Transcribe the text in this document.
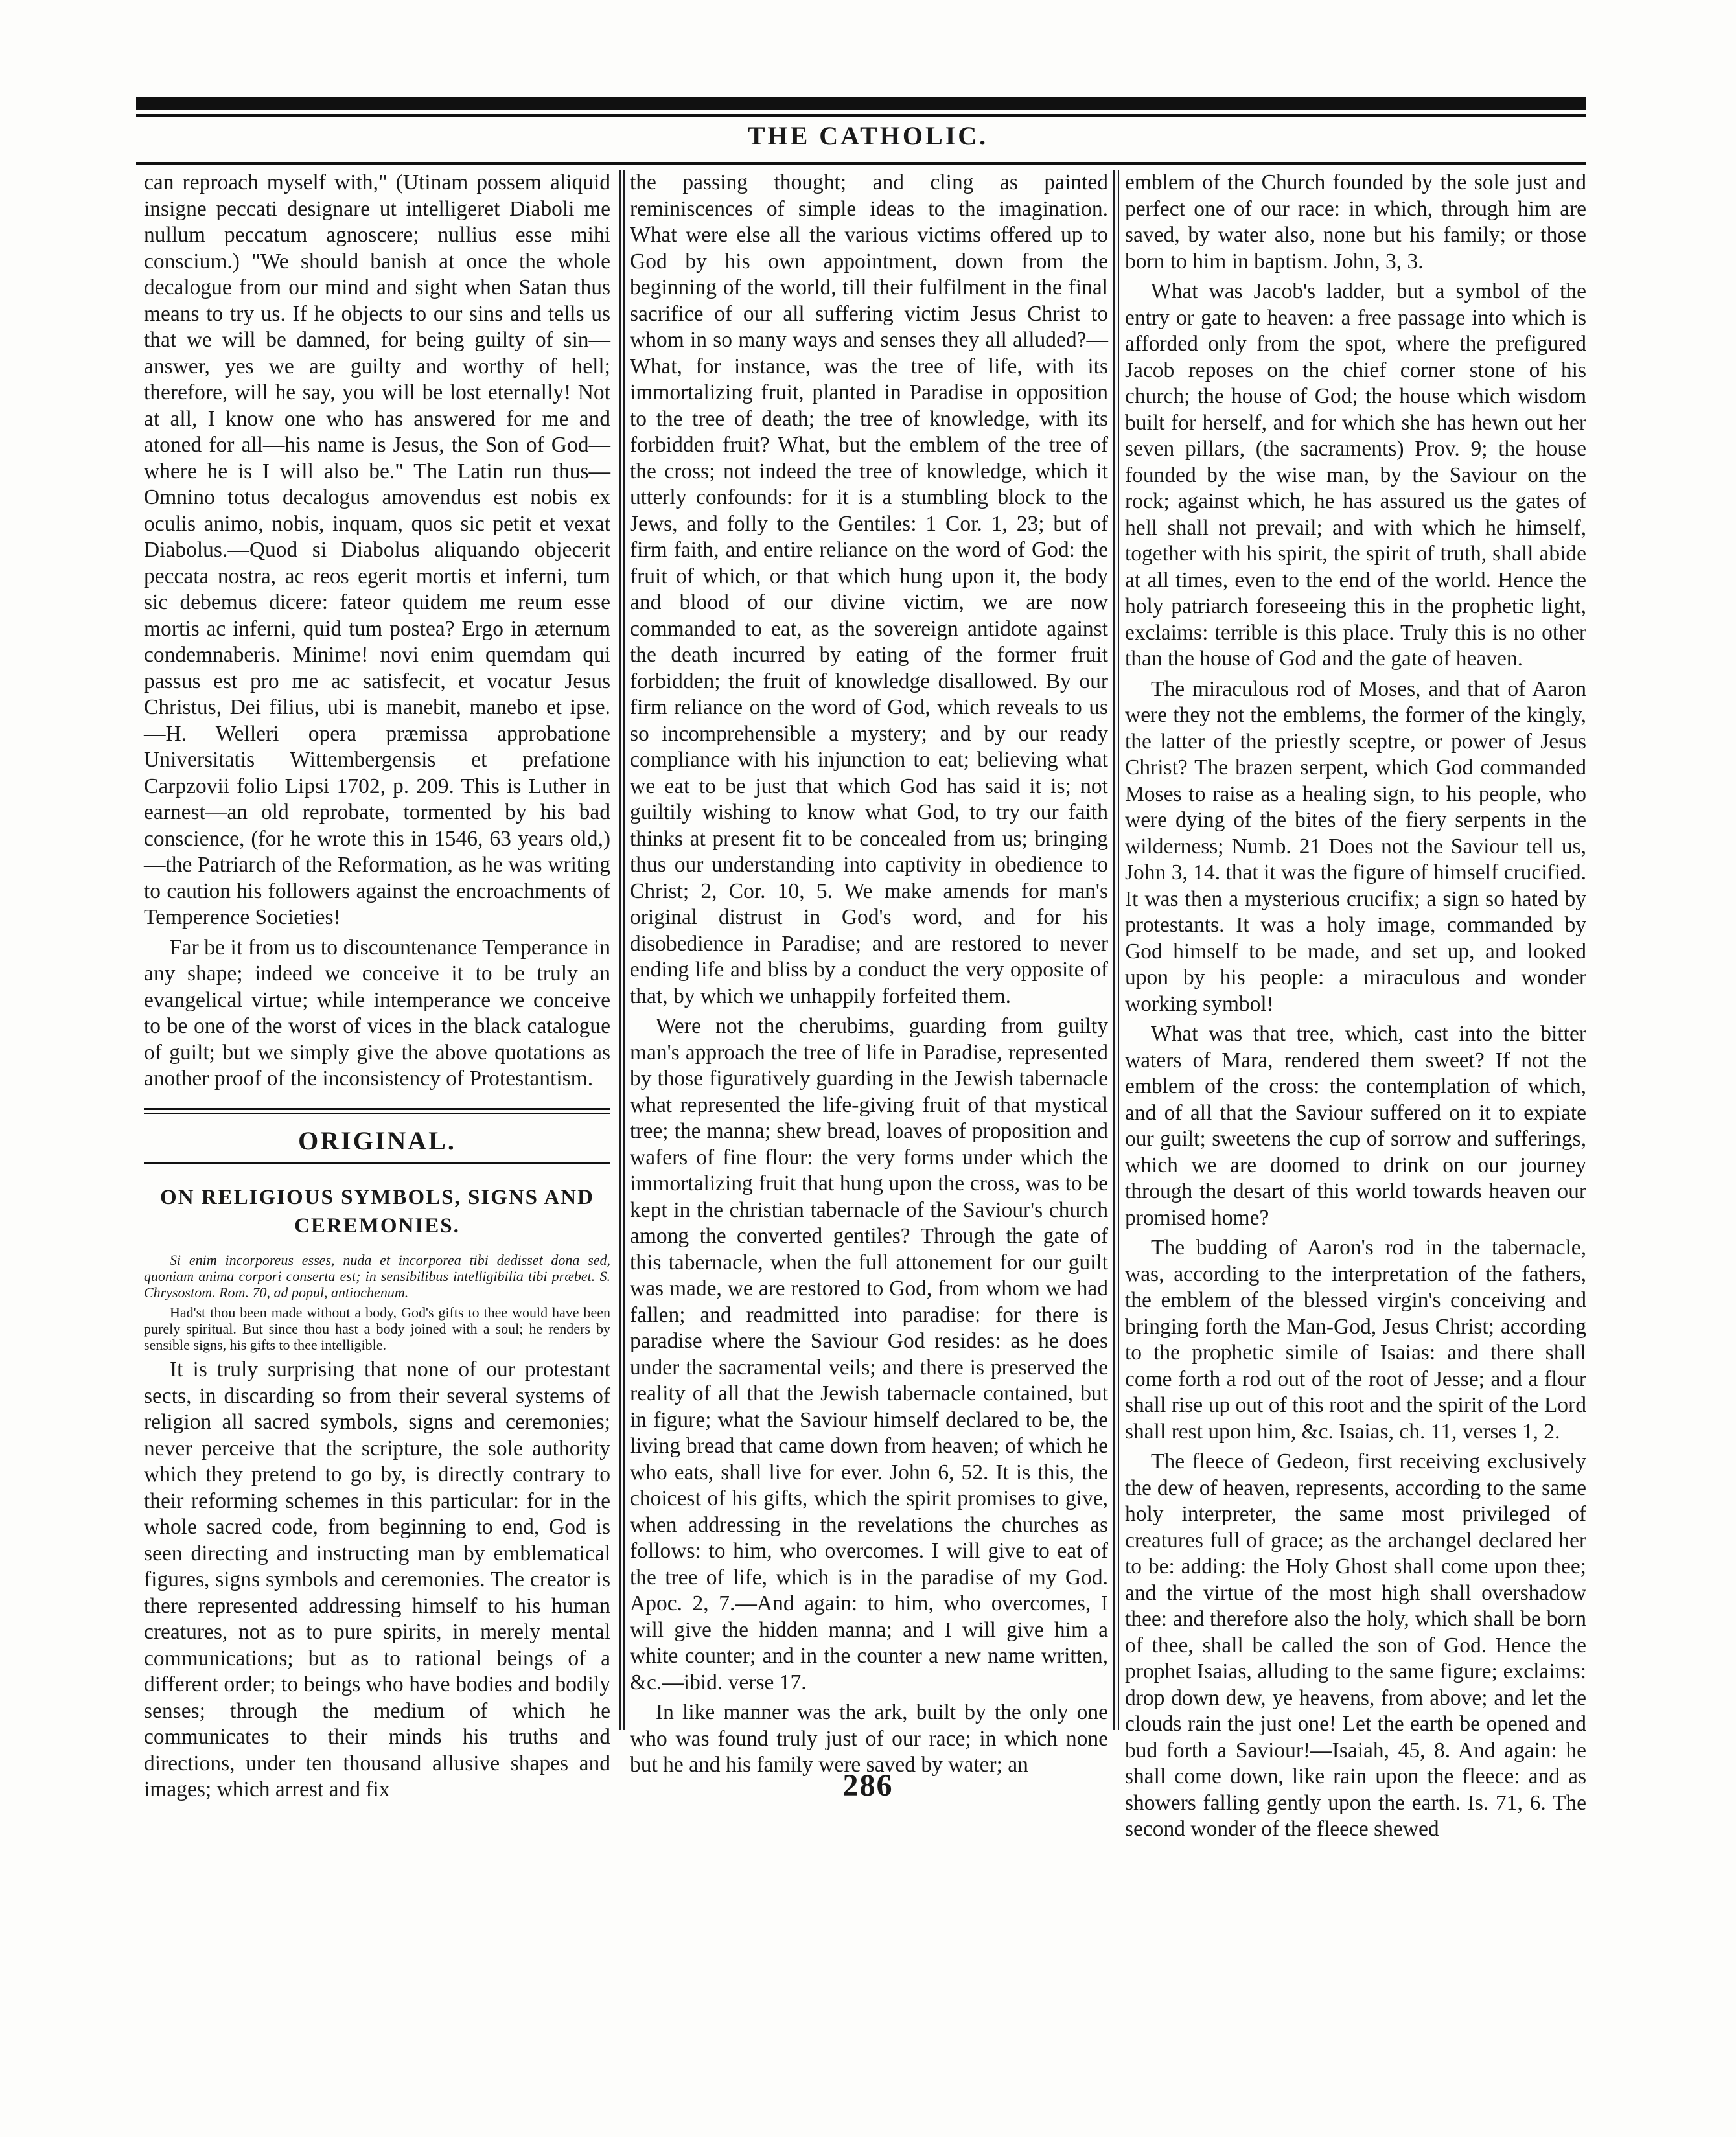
THE CATHOLIC.

can reproach myself with," (Utinam possem aliquid insigne peccati designare ut intelligeret Diaboli me nullum peccatum agnoscere; nullius esse mihi conscium.) "We should banish at once the whole decalogue from our mind and sight when Satan thus means to try us. If he objects to our sins and tells us that we will be damned, for being guilty of sin—answer, yes we are guilty and worthy of hell; therefore, will he say, you will be lost eternally! Not at all, I know one who has answered for me and atoned for all—his name is Jesus, the Son of God—where he is I will also be." The Latin run thus—Omnino totus decalogus amovendus est nobis ex oculis animo, nobis, inquam, quos sic petit et vexat Diabolus.—Quod si Diabolus aliquando objecerit peccata nostra, ac reos egerit mortis et inferni, tum sic debemus dicere: fateor quidem me reum esse mortis ac inferni, quid tum postea? Ergo in æternum condemnaberis. Minime! novi enim quemdam qui passus est pro me ac satisfecit, et vocatur Jesus Christus, Dei filius, ubi is manebit, manebo et ipse.—H. Welleri opera præmissa approbatione Universitatis Wittembergensis et prefatione Carpzovii folio Lipsi 1702, p. 209. This is Luther in earnest—an old reprobate, tormented by his bad conscience, (for he wrote this in 1546, 63 years old,)—the Patriarch of the Reformation, as he was writing to caution his followers against the encroachments of Temperence Societies!

Far be it from us to discountenance Temperance in any shape; indeed we conceive it to be truly an evangelical virtue; while intemperance we conceive to be one of the worst of vices in the black catalogue of guilt; but we simply give the above quotations as another proof of the inconsistency of Protestantism.

ORIGINAL.
ON RELIGIOUS SYMBOLS, SIGNS AND CEREMONIES.

Si enim incorporeus esses, nuda et incorporea tibi dedisset dona sed, quoniam anima corpori conserta est; in sensibilibus intelligibilia tibi præbet. S. Chrysostom. Rom. 70, ad popul, antiochenum.

Had'st thou been made without a body, God's gifts to thee would have been purely spiritual. But since thou hast a body joined with a soul; he renders by sensible signs, his gifts to thee intelligible.

It is truly surprising that none of our protestant sects, in discarding so from their several systems of religion all sacred symbols, signs and ceremonies; never perceive that the scripture, the sole authority which they pretend to go by, is directly contrary to their reforming schemes in this particular: for in the whole sacred code, from beginning to end, God is seen directing and instructing man by emblematical figures, signs symbols and ceremonies. The creator is there represented addressing himself to his human creatures, not as to pure spirits, in merely mental communications; but as to rational beings of a different order; to beings who have bodies and bodily senses; through the medium of which he communicates to their minds his truths and directions, under ten thousand allusive shapes and images; which arrest and fix

the passing thought; and cling as painted reminiscences of simple ideas to the imagination. What were else all the various victims offered up to God by his own appointment, down from the beginning of the world, till their fulfilment in the final sacrifice of our all suffering victim Jesus Christ to whom in so many ways and senses they all alluded?—What, for instance, was the tree of life, with its immortalizing fruit, planted in Paradise in opposition to the tree of death; the tree of knowledge, with its forbidden fruit? What, but the emblem of the tree of the cross; not indeed the tree of knowledge, which it utterly confounds: for it is a stumbling block to the Jews, and folly to the Gentiles: 1 Cor. 1, 23; but of firm faith, and entire reliance on the word of God: the fruit of which, or that which hung upon it, the body and blood of our divine victim, we are now commanded to eat, as the sovereign antidote against the death incurred by eating of the former fruit forbidden; the fruit of knowledge disallowed. By our firm reliance on the word of God, which reveals to us so incomprehensible a mystery; and by our ready compliance with his injunction to eat; believing what we eat to be just that which God has said it is; not guiltily wishing to know what God, to try our faith thinks at present fit to be concealed from us; bringing thus our understanding into captivity in obedience to Christ; 2, Cor. 10, 5. We make amends for man's original distrust in God's word, and for his disobedience in Paradise; and are restored to never ending life and bliss by a conduct the very opposite of that, by which we unhappily forfeited them.

Were not the cherubims, guarding from guilty man's approach the tree of life in Paradise, represented by those figuratively guarding in the Jewish tabernacle what represented the life-giving fruit of that mystical tree; the manna; shew bread, loaves of proposition and wafers of fine flour: the very forms under which the immortalizing fruit that hung upon the cross, was to be kept in the christian tabernacle of the Saviour's church among the converted gentiles? Through the gate of this tabernacle, when the full attonement for our guilt was made, we are restored to God, from whom we had fallen; and readmitted into paradise: for there is paradise where the Saviour God resides: as he does under the sacramental veils; and there is preserved the reality of all that the Jewish tabernacle contained, but in figure; what the Saviour himself declared to be, the living bread that came down from heaven; of which he who eats, shall live for ever. John 6, 52. It is this, the choicest of his gifts, which the spirit promises to give, when addressing in the revelations the churches as follows: to him, who overcomes. I will give to eat of the tree of life, which is in the paradise of my God. Apoc. 2, 7.—And again: to him, who overcomes, I will give the hidden manna; and I will give him a white counter; and in the counter a new name written, &c.—ibid. verse 17.

In like manner was the ark, built by the only one who was found truly just of our race; in which none but he and his family were saved by water; an

emblem of the Church founded by the sole just and perfect one of our race: in which, through him are saved, by water also, none but his family; or those born to him in baptism. John, 3, 3.

What was Jacob's ladder, but a symbol of the entry or gate to heaven: a free passage into which is afforded only from the spot, where the prefigured Jacob reposes on the chief corner stone of his church; the house of God; the house which wisdom built for herself, and for which she has hewn out her seven pillars, (the sacraments) Prov. 9; the house founded by the wise man, by the Saviour on the rock; against which, he has assured us the gates of hell shall not prevail; and with which he himself, together with his spirit, the spirit of truth, shall abide at all times, even to the end of the world. Hence the holy patriarch foreseeing this in the prophetic light, exclaims: terrible is this place. Truly this is no other than the house of God and the gate of heaven.

The miraculous rod of Moses, and that of Aaron were they not the emblems, the former of the kingly, the latter of the priestly sceptre, or power of Jesus Christ? The brazen serpent, which God commanded Moses to raise as a healing sign, to his people, who were dying of the bites of the fiery serpents in the wilderness; Numb. 21 Does not the Saviour tell us, John 3, 14. that it was the figure of himself crucified. It was then a mysterious crucifix; a sign so hated by protestants. It was a holy image, commanded by God himself to be made, and set up, and looked upon by his people: a miraculous and wonder working symbol!

What was that tree, which, cast into the bitter waters of Mara, rendered them sweet? If not the emblem of the cross: the contemplation of which, and of all that the Saviour suffered on it to expiate our guilt; sweetens the cup of sorrow and sufferings, which we are doomed to drink on our journey through the desart of this world towards heaven our promised home?

The budding of Aaron's rod in the tabernacle, was, according to the interpretation of the fathers, the emblem of the blessed virgin's conceiving and bringing forth the Man-God, Jesus Christ; according to the prophetic simile of Isaias: and there shall come forth a rod out of the root of Jesse; and a flour shall rise up out of this root and the spirit of the Lord shall rest upon him, &c. Isaias, ch. 11, verses 1, 2.

The fleece of Gedeon, first receiving exclusively the dew of heaven, represents, according to the same holy interpreter, the same most privileged of creatures full of grace; as the archangel declared her to be: adding: the Holy Ghost shall come upon thee; and the virtue of the most high shall overshadow thee: and therefore also the holy, which shall be born of thee, shall be called the son of God. Hence the prophet Isaias, alluding to the same figure; exclaims: drop down dew, ye heavens, from above; and let the clouds rain the just one! Let the earth be opened and bud forth a Saviour!—Isaiah, 45, 8. And again: he shall come down, like rain upon the fleece: and as showers falling gently upon the earth. Is. 71, 6. The second wonder of the fleece shewed

286
